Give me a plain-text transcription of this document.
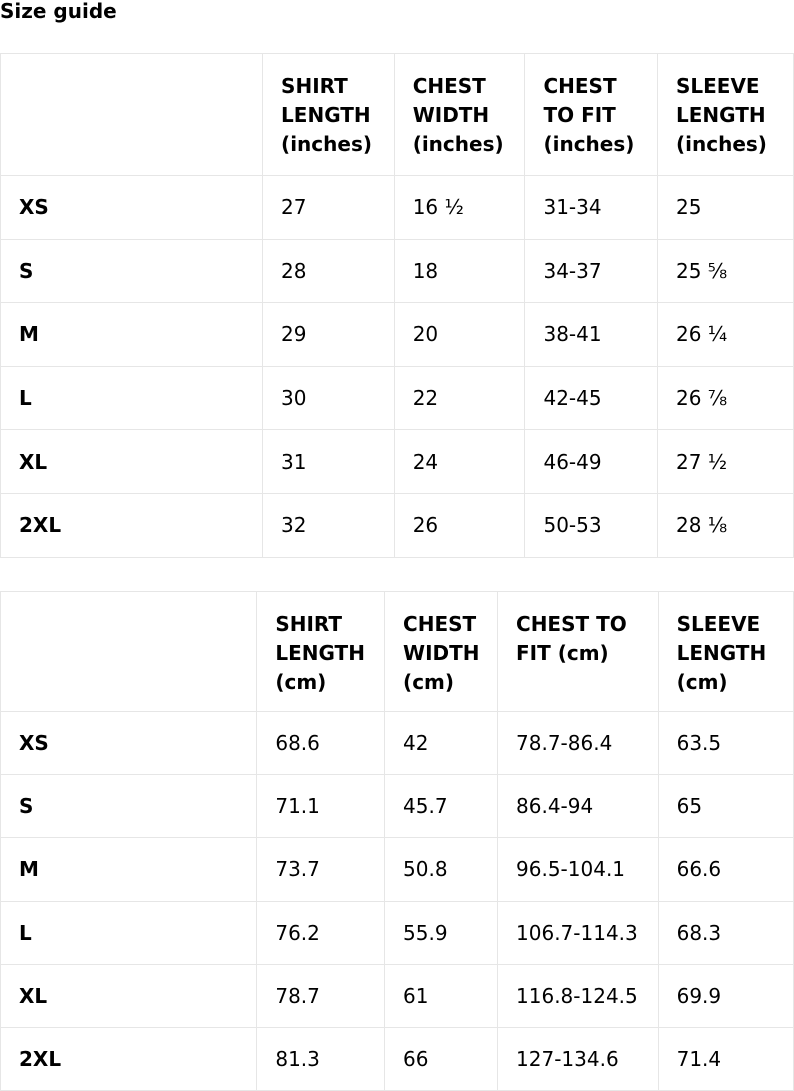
Size guide
	SHIRT
LENGTH
(inches)	CHEST
WIDTH
(inches)	CHEST
TO FIT
(inches)	SLEEVE
LENGTH
(inches)
XS	27	16 ½	31-34	25
S	28	18	34-37	25 ⅝
M	29	20	38-41	26 ¼
L	30	22	42-45	26 ⅞
XL	31	24	46-49	27 ½
2XL	32	26	50-53	28 ⅛
	SHIRT
LENGTH
(cm)	CHEST
WIDTH
(cm)	CHEST TO
FIT (cm)	SLEEVE
LENGTH
(cm)
XS	68.6	42	78.7-86.4	63.5
S	71.1	45.7	86.4-94	65
M	73.7	50.8	96.5-104.1	66.6
L	76.2	55.9	106.7-114.3	68.3
XL	78.7	61	116.8-124.5	69.9
2XL	81.3	66	127-134.6	71.4
